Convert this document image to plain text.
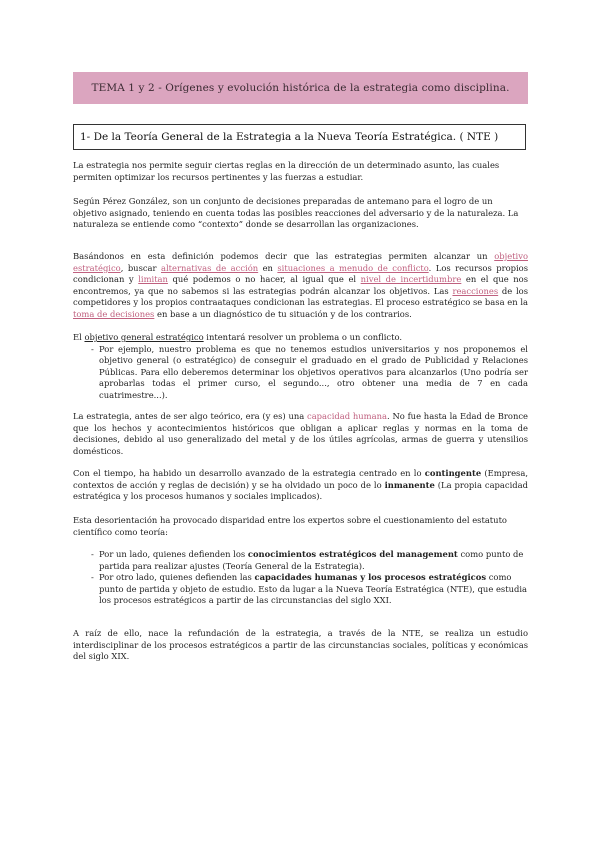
TEMA 1 y 2 - Orígenes y evolución histórica de la estrategia como disciplina.
1- De la Teoría General de la Estrategia a la Nueva Teoría Estratégica. ( NTE )
La estrategia nos permite seguir ciertas reglas en la dirección de un determinado asunto, las cuales permiten optimizar los recursos pertinentes y las fuerzas a estudiar.
Según Pérez González, son un conjunto de decisiones preparadas de antemano para el logro de un objetivo asignado, teniendo en cuenta todas las posibles reacciones del adversario y de la naturaleza. La naturaleza se entiende como “contexto” donde se desarrollan las organizaciones.
Basándonos en esta definición podemos decir que las estrategias permiten alcanzar un objetivo estratégico, buscar alternativas de acción en situaciones a menudo de conflicto. Los recursos propios condicionan y limitan qué podemos o no hacer, al igual que el nivel de incertidumbre en el que nos encontremos, ya que no sabemos si las estrategias podrán alcanzar los objetivos. Las reacciones de los competidores y los propios contraataques condicionan las estrategias. El proceso estratégico se basa en la toma de decisiones en base a un diagnóstico de tu situación y de los contrarios.
El objetivo general estratégico intentará resolver un problema o un conflicto.
- Por ejemplo, nuestro problema es que no tenemos estudios universitarios y nos proponemos el objetivo general (o estratégico) de conseguir el graduado en el grado de Publicidad y Relaciones Públicas. Para ello deberemos determinar los objetivos operativos para alcanzarlos (Uno podría ser aprobarlas todas el primer curso, el segundo..., otro obtener una media de 7 en cada cuatrimestre...).
La estrategia, antes de ser algo teórico, era (y es) una capacidad humana. No fue hasta la Edad de Bronce que los hechos y acontecimientos históricos que obligan a aplicar reglas y normas en la toma de decisiones, debido al uso generalizado del metal y de los útiles agrícolas, armas de guerra y utensilios domésticos.
Con el tiempo, ha habido un desarrollo avanzado de la estrategia centrado en lo contingente (Empresa, contextos de acción y reglas de decisión) y se ha olvidado un poco de lo inmanente (La propia capacidad estratégica y los procesos humanos y sociales implicados).
Esta desorientación ha provocado disparidad entre los expertos sobre el cuestionamiento del estatuto científico como teoría:
- Por un lado, quienes defienden los conocimientos estratégicos del management como punto de partida para realizar ajustes (Teoría General de la Estrategia).
- Por otro lado, quienes defienden las capacidades humanas y los procesos estratégicos como punto de partida y objeto de estudio. Esto da lugar a la Nueva Teoría Estratégica (NTE), que estudia los procesos estratégicos a partir de las circunstancias del siglo XXI.
A raíz de ello, nace la refundación de la estrategia, a través de la NTE, se realiza un estudio interdisciplinar de los procesos estratégicos a partir de las circunstancias sociales, políticas y económicas del siglo XIX.
